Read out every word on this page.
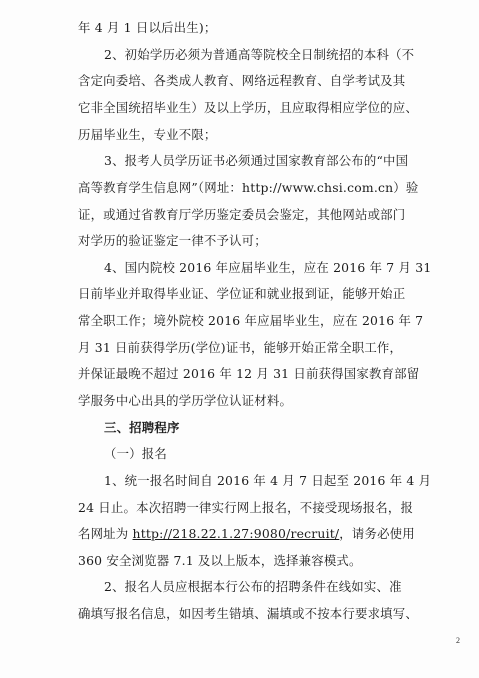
年 4 月 1 日以后出生)；
2、初始学历必须为普通高等院校全日制统招的本科（不
含定向委培、各类成人教育、网络远程教育、自学考试及其
它非全国统招毕业生）及以上学历，且应取得相应学位的应、
历届毕业生，专业不限；
3、报考人员学历证书必须通过国家教育部公布的“中国
高等教育学生信息网”（网址：http://www.chsi.com.cn）验
证，或通过省教育厅学历鉴定委员会鉴定，其他网站或部门
对学历的验证鉴定一律不予认可；
4、国内院校 2016 年应届毕业生，应在 2016 年 7 月 31
日前毕业并取得毕业证、学位证和就业报到证，能够开始正
常全职工作；境外院校 2016 年应届毕业生，应在 2016 年 7
月 31 日前获得学历(学位)证书，能够开始正常全职工作，
并保证最晚不超过 2016 年 12 月 31 日前获得国家教育部留
学服务中心出具的学历学位认证材料。
三、招聘程序
（一）报名
1、统一报名时间自 2016 年 4 月 7 日起至 2016 年 4 月
24 日止。本次招聘一律实行网上报名，不接受现场报名，报
名网址为 http://218.22.1.27:9080/recruit/，请务必使用
360 安全浏览器 7.1 及以上版本，选择兼容模式。
2、报名人员应根据本行公布的招聘条件在线如实、准
确填写报名信息，如因考生错填、漏填或不按本行要求填写、
2
